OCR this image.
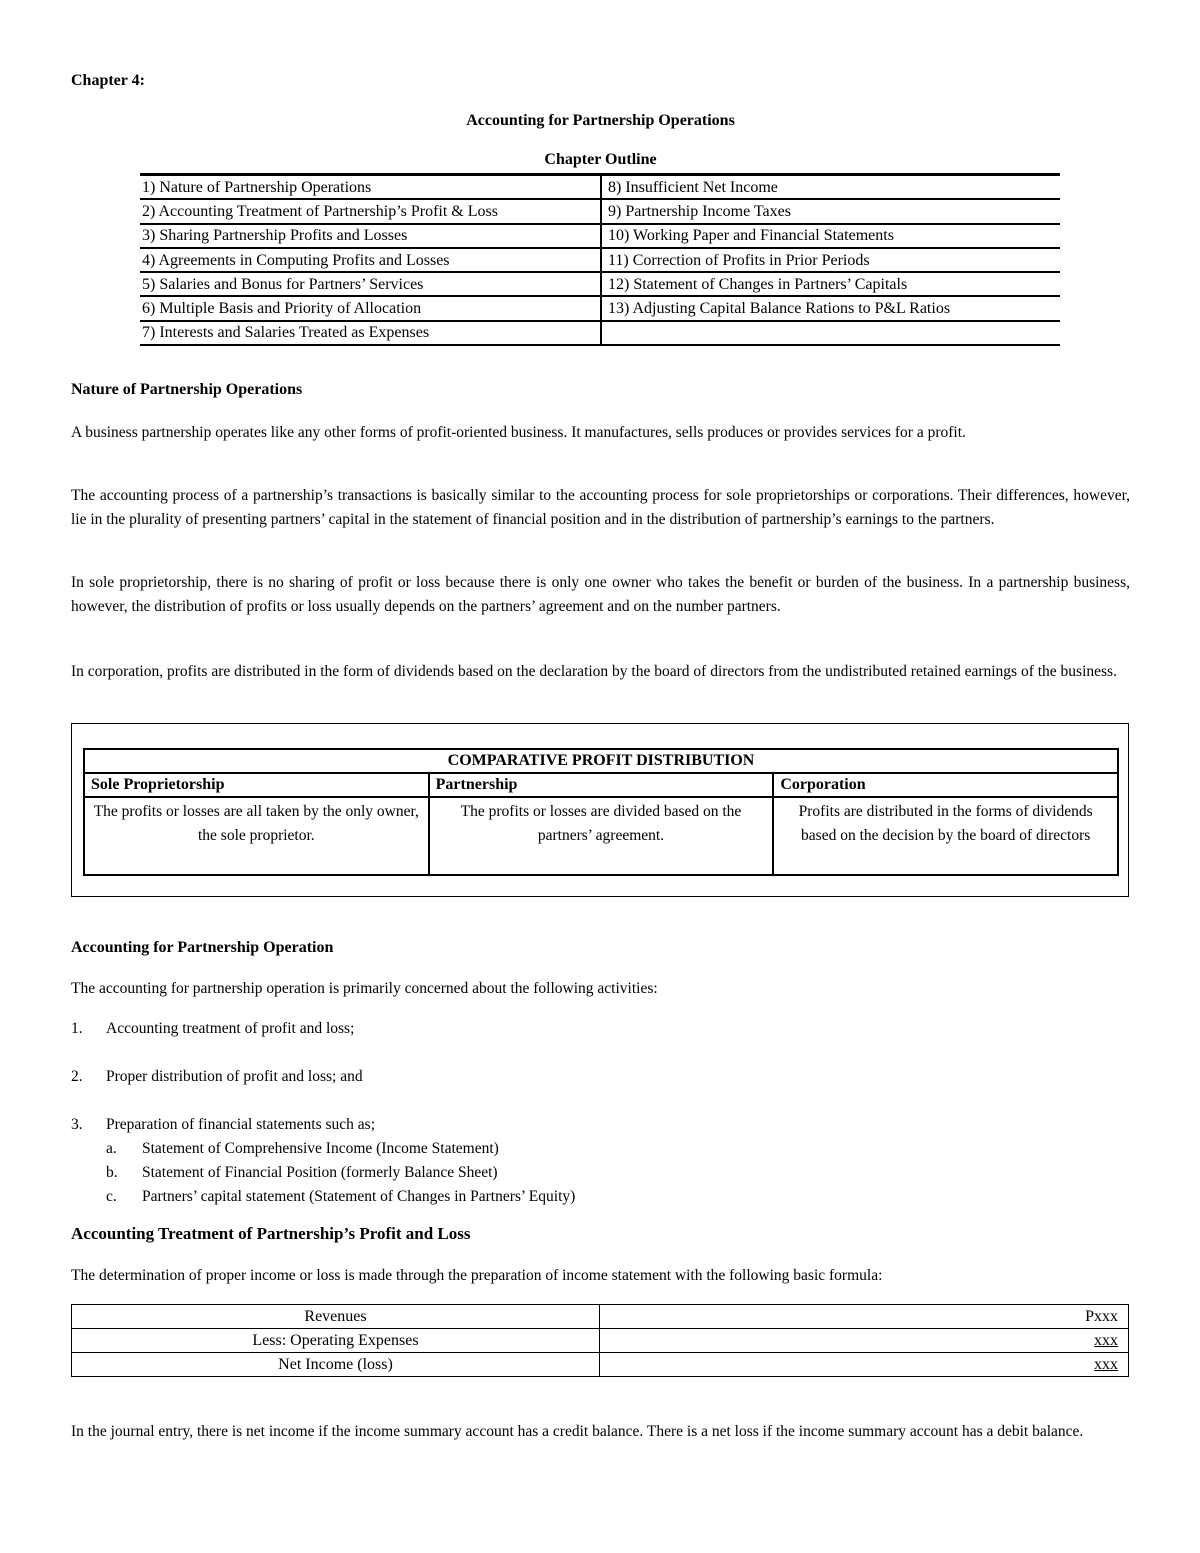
Chapter 4:
Accounting for Partnership Operations
Chapter Outline
1) Nature of Partnership Operations	8) Insufficient Net Income
2) Accounting Treatment of Partnership’s Profit & Loss	9) Partnership Income Taxes
3) Sharing Partnership Profits and Losses	10) Working Paper and Financial Statements
4) Agreements in Computing Profits and Losses	11) Correction of Profits in Prior Periods
5) Salaries and Bonus for Partners’ Services	12) Statement of Changes in Partners’ Capitals
6) Multiple Basis and Priority of Allocation	13) Adjusting Capital Balance Rations to P&L Ratios
7) Interests and Salaries Treated as Expenses	
Nature of Partnership Operations
A business partnership operates like any other forms of profit-oriented business. It manufactures, sells produces or provides services for a profit.
The accounting process of a partnership’s transactions is basically similar to the accounting process for sole proprietorships or corporations. Their differences, however, lie in the plurality of presenting partners’ capital in the statement of financial position and in the distribution of partnership’s earnings to the partners.
In sole proprietorship, there is no sharing of profit or loss because there is only one owner who takes the benefit or burden of the business. In a partnership business, however, the distribution of profits or loss usually depends on the partners’ agreement and on the number partners.
In corporation, profits are distributed in the form of dividends based on the declaration by the board of directors from the undistributed retained earnings of the business.
COMPARATIVE PROFIT DISTRIBUTION		
Sole Proprietorship	Partnership	Corporation
The profits or losses are all taken by the only owner, the sole proprietor.	The profits or losses are divided based on the partners’ agreement.	Profits are distributed in the forms of dividends based on the decision by the board of directors
Accounting for Partnership Operation
The accounting for partnership operation is primarily concerned about the following activities:
1. Accounting treatment of profit and loss;
2. Proper distribution of profit and loss; and
3. Preparation of financial statements such as;
a. Statement of Comprehensive Income (Income Statement)
b. Statement of Financial Position (formerly Balance Sheet)
c. Partners’ capital statement (Statement of Changes in Partners’ Equity)
Accounting Treatment of Partnership’s Profit and Loss
The determination of proper income or loss is made through the preparation of income statement with the following basic formula:
Revenues	Pxxx
Less: Operating Expenses	xxx
Net Income (loss)	xxx
In the journal entry, there is net income if the income summary account has a credit balance. There is a net loss if the income summary account has a debit balance.
